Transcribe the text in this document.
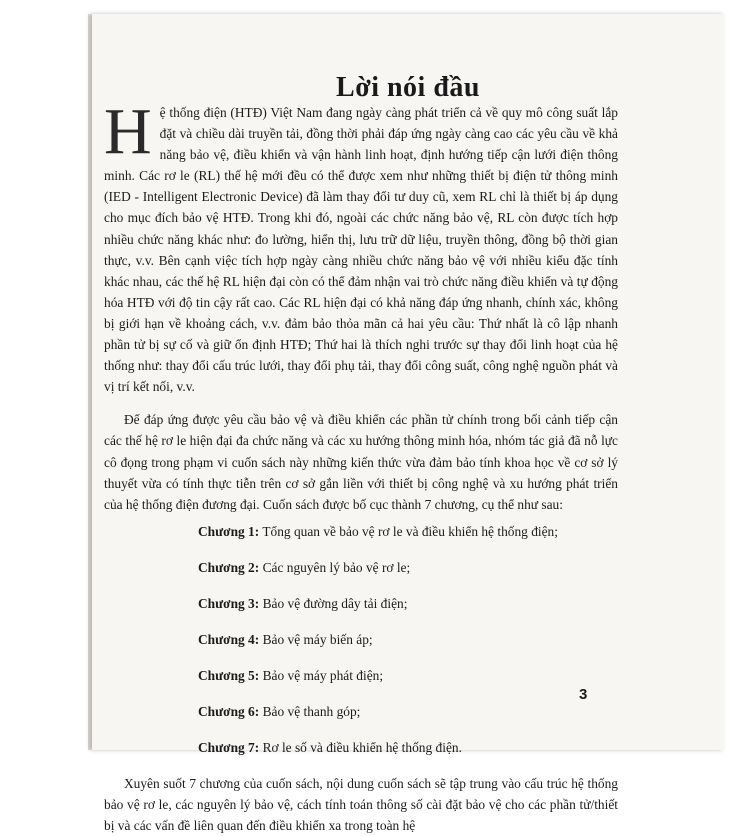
Lời nói đầu

Hệ thống điện (HTĐ) Việt Nam đang ngày càng phát triển cả về quy mô công suất lắp đặt và chiều dài truyền tải, đồng thời phải đáp ứng ngày càng cao các yêu cầu về khả năng bảo vệ, điều khiển và vận hành linh hoạt, định hướng tiếp cận lưới điện thông minh. Các rơ le (RL) thế hệ mới đều có thể được xem như những thiết bị điện tử thông minh (IED - Intelligent Electronic Device) đã làm thay đổi tư duy cũ, xem RL chỉ là thiết bị áp dụng cho mục đích bảo vệ HTĐ. Trong khi đó, ngoài các chức năng bảo vệ, RL còn được tích hợp nhiều chức năng khác như: đo lường, hiển thị, lưu trữ dữ liệu, truyền thông, đồng bộ thời gian thực, v.v. Bên cạnh việc tích hợp ngày càng nhiều chức năng bảo vệ với nhiều kiểu đặc tính khác nhau, các thế hệ RL hiện đại còn có thể đảm nhận vai trò chức năng điều khiển và tự động hóa HTĐ với độ tin cậy rất cao. Các RL hiện đại có khả năng đáp ứng nhanh, chính xác, không bị giới hạn về khoảng cách, v.v. đảm bảo thỏa mãn cả hai yêu cầu: Thứ nhất là cô lập nhanh phần tử bị sự cố và giữ ổn định HTĐ; Thứ hai là thích nghi trước sự thay đổi linh hoạt của hệ thống như: thay đổi cấu trúc lưới, thay đổi phụ tải, thay đổi công suất, công nghệ nguồn phát và vị trí kết nối, v.v.

Để đáp ứng được yêu cầu bảo vệ và điều khiển các phần tử chính trong bối cảnh tiếp cận các thế hệ rơ le hiện đại đa chức năng và các xu hướng thông minh hóa, nhóm tác giả đã nỗ lực cô đọng trong phạm vi cuốn sách này những kiến thức vừa đảm bảo tính khoa học về cơ sở lý thuyết vừa có tính thực tiễn trên cơ sở gắn liền với thiết bị công nghệ và xu hướng phát triển của hệ thống điện đương đại. Cuốn sách được bố cục thành 7 chương, cụ thể như sau:

Chương 1: Tổng quan về bảo vệ rơ le và điều khiển hệ thống điện;
Chương 2: Các nguyên lý bảo vệ rơ le;
Chương 3: Bảo vệ đường dây tải điện;
Chương 4: Bảo vệ máy biến áp;
Chương 5: Bảo vệ máy phát điện;
Chương 6: Bảo vệ thanh góp;
Chương 7: Rơ le số và điều khiển hệ thống điện.

Xuyên suốt 7 chương của cuốn sách, nội dung cuốn sách sẽ tập trung vào cấu trúc hệ thống bảo vệ rơ le, các nguyên lý bảo vệ, cách tính toán thông số cài đặt bảo vệ cho các phần tử/thiết bị và các vấn đề liên quan đến điều khiển xa trong toàn hệ

3
